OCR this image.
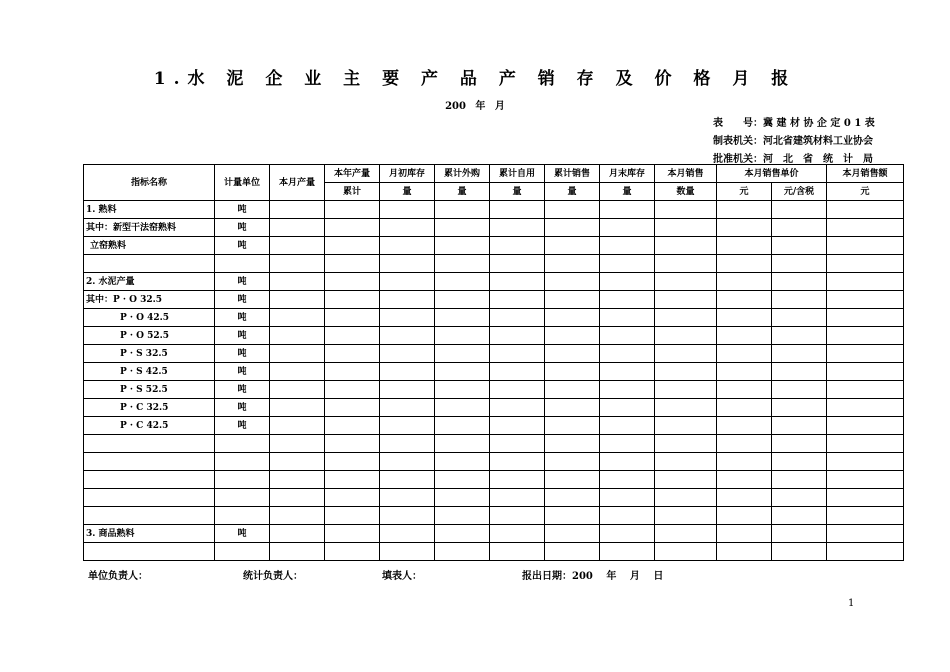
1.水 泥 企 业 主 要 产 品 产 销 存 及 价 格 月 报
200 年 月
表　　号：冀 建 材 协 企 定 0 1 表
制表机关：河北省建筑材料工业协会
批准机关：河　北　省　统　计　局
指标名称	计量单位	本月产量	本年产量	月初库存	累计外购	累计自用	累计销售	月末库存	本月销售	本月销售单价		本月销售额
			累计	量	量	量	量	量	数量	元	元/含税	元
1. 熟料	吨											
其中：新型干法窑熟料	吨											
立窑熟料	吨											

2. 水泥产量	吨											
其中：P · O 32.5	吨											
P · O 42.5	吨											
P · O 52.5	吨											
P · S 32.5	吨											
P · S 42.5	吨											
P · S 52.5	吨											
P · C 32.5	吨											
P · C 42.5	吨											

3. 商品熟料	吨											

单位负责人：	统计负责人：	填表人：	报出日期：200　 年　 月　 日
1
